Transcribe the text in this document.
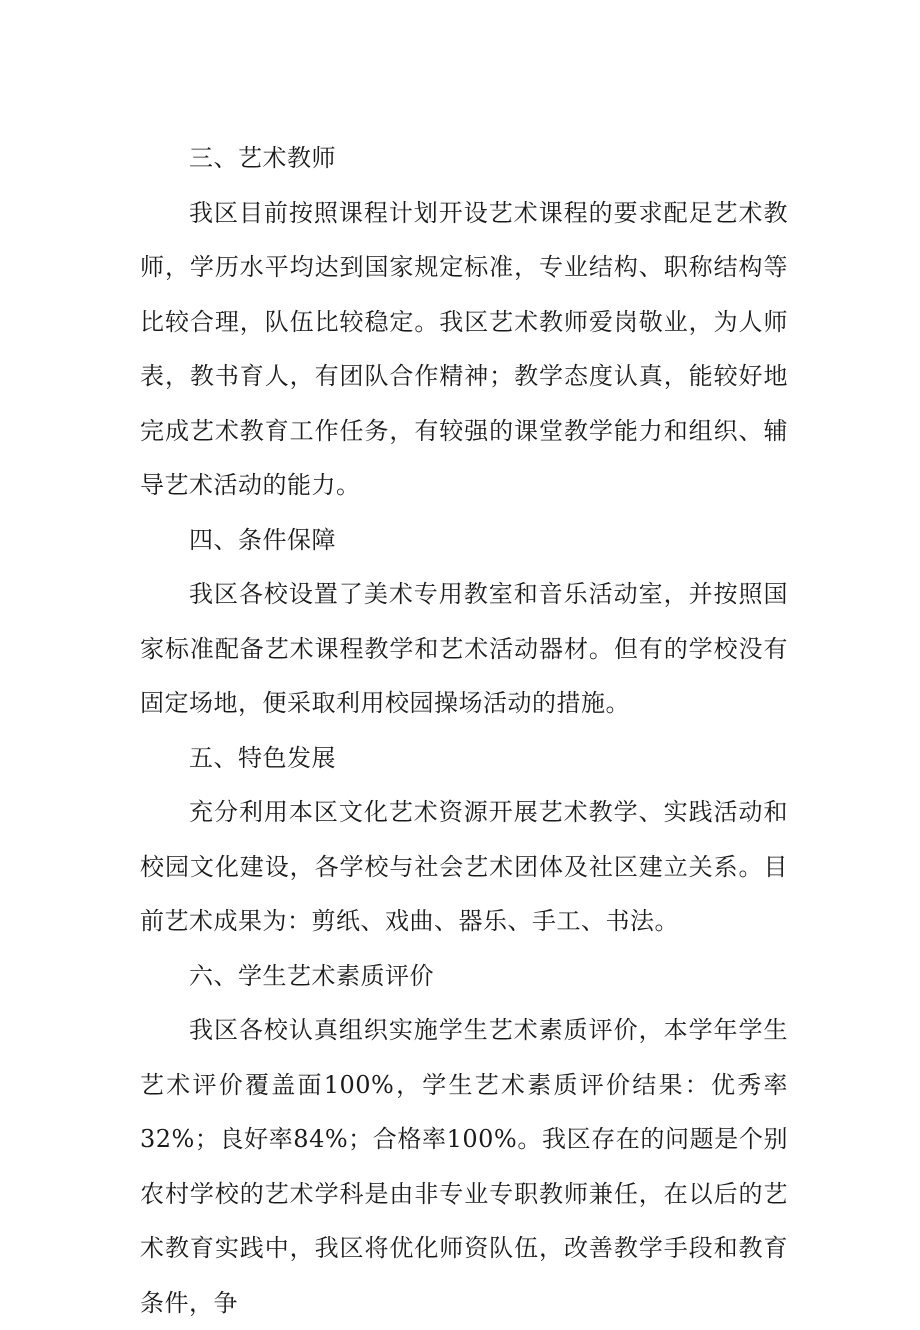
三、艺术教师

我区目前按照课程计划开设艺术课程的要求配足艺术教师，学历水平均达到国家规定标准，专业结构、职称结构等比较合理，队伍比较稳定。我区艺术教师爱岗敬业，为人师表，教书育人，有团队合作精神；教学态度认真，能较好地完成艺术教育工作任务，有较强的课堂教学能力和组织、辅导艺术活动的能力。

四、条件保障

我区各校设置了美术专用教室和音乐活动室，并按照国家标准配备艺术课程教学和艺术活动器材。但有的学校没有固定场地，便采取利用校园操场活动的措施。

五、特色发展

充分利用本区文化艺术资源开展艺术教学、实践活动和校园文化建设，各学校与社会艺术团体及社区建立关系。目前艺术成果为：剪纸、戏曲、器乐、手工、书法。

六、学生艺术素质评价

我区各校认真组织实施学生艺术素质评价，本学年学生艺术评价覆盖面100%，学生艺术素质评价结果：优秀率32%；良好率84%；合格率100%。我区存在的问题是个别农村学校的艺术学科是由非专业专职教师兼任，在以后的艺术教育实践中，我区将优化师资队伍，改善教学手段和教育条件，争
